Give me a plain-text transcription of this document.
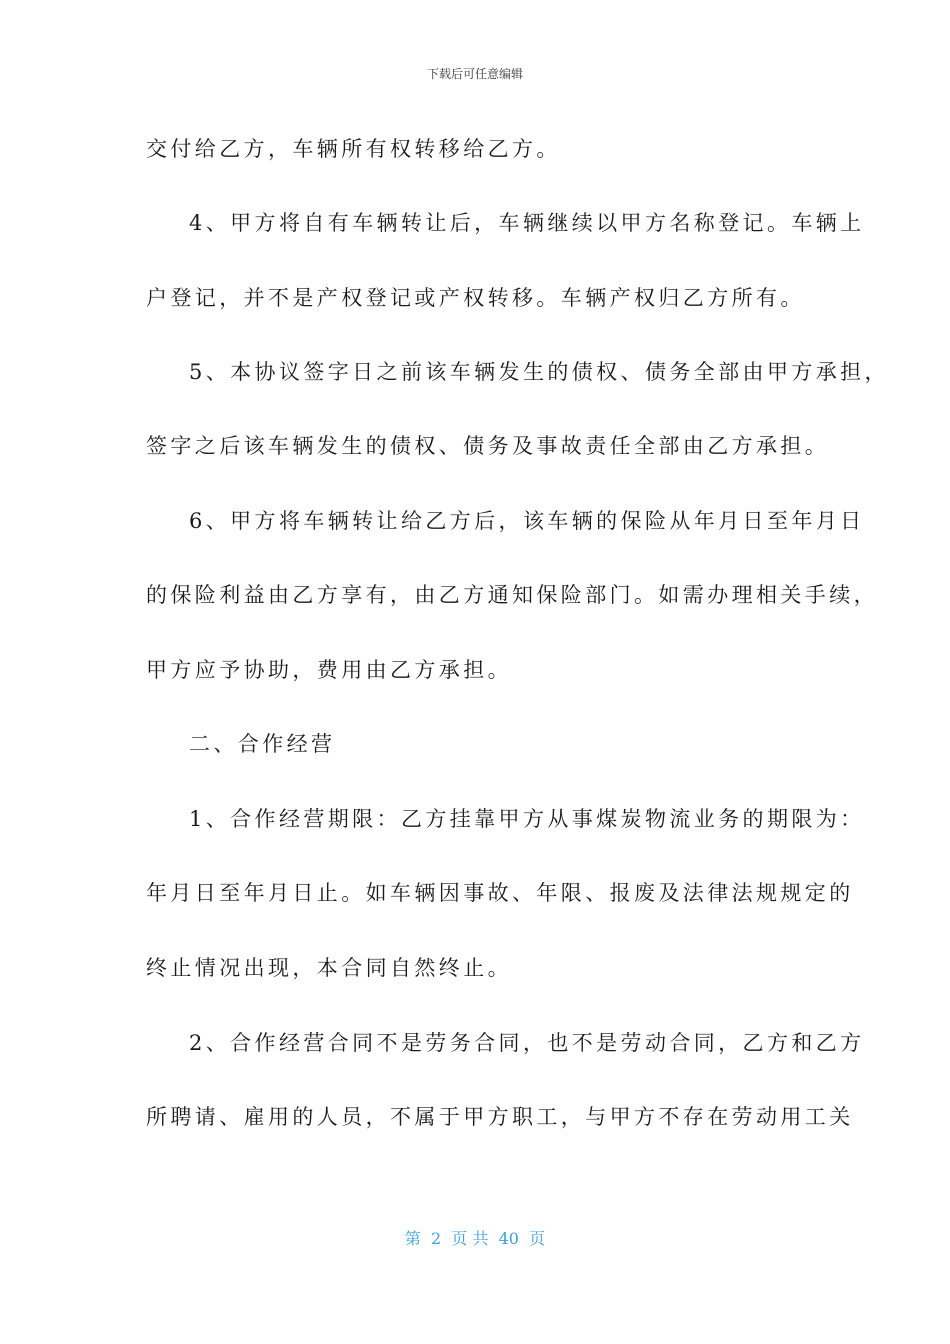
下载后可任意编辑
交付给乙方，车辆所有权转移给乙方。
4、甲方将自有车辆转让后，车辆继续以甲方名称登记。车辆上
户登记，并不是产权登记或产权转移。车辆产权归乙方所有。
5、本协议签字日之前该车辆发生的债权、债务全部由甲方承担，
签字之后该车辆发生的债权、债务及事故责任全部由乙方承担。
6、甲方将车辆转让给乙方后，该车辆的保险从年月日至年月日
的保险利益由乙方享有，由乙方通知保险部门。如需办理相关手续，
甲方应予协助，费用由乙方承担。
二、合作经营
1、合作经营期限：乙方挂靠甲方从事煤炭物流业务的期限为：
年月日至年月日止。如车辆因事故、年限、报废及法律法规规定的
终止情况出现，本合同自然终止。
2、合作经营合同不是劳务合同，也不是劳动合同，乙方和乙方
所聘请、雇用的人员，不属于甲方职工，与甲方不存在劳动用工关
第  2  页 共  40  页
